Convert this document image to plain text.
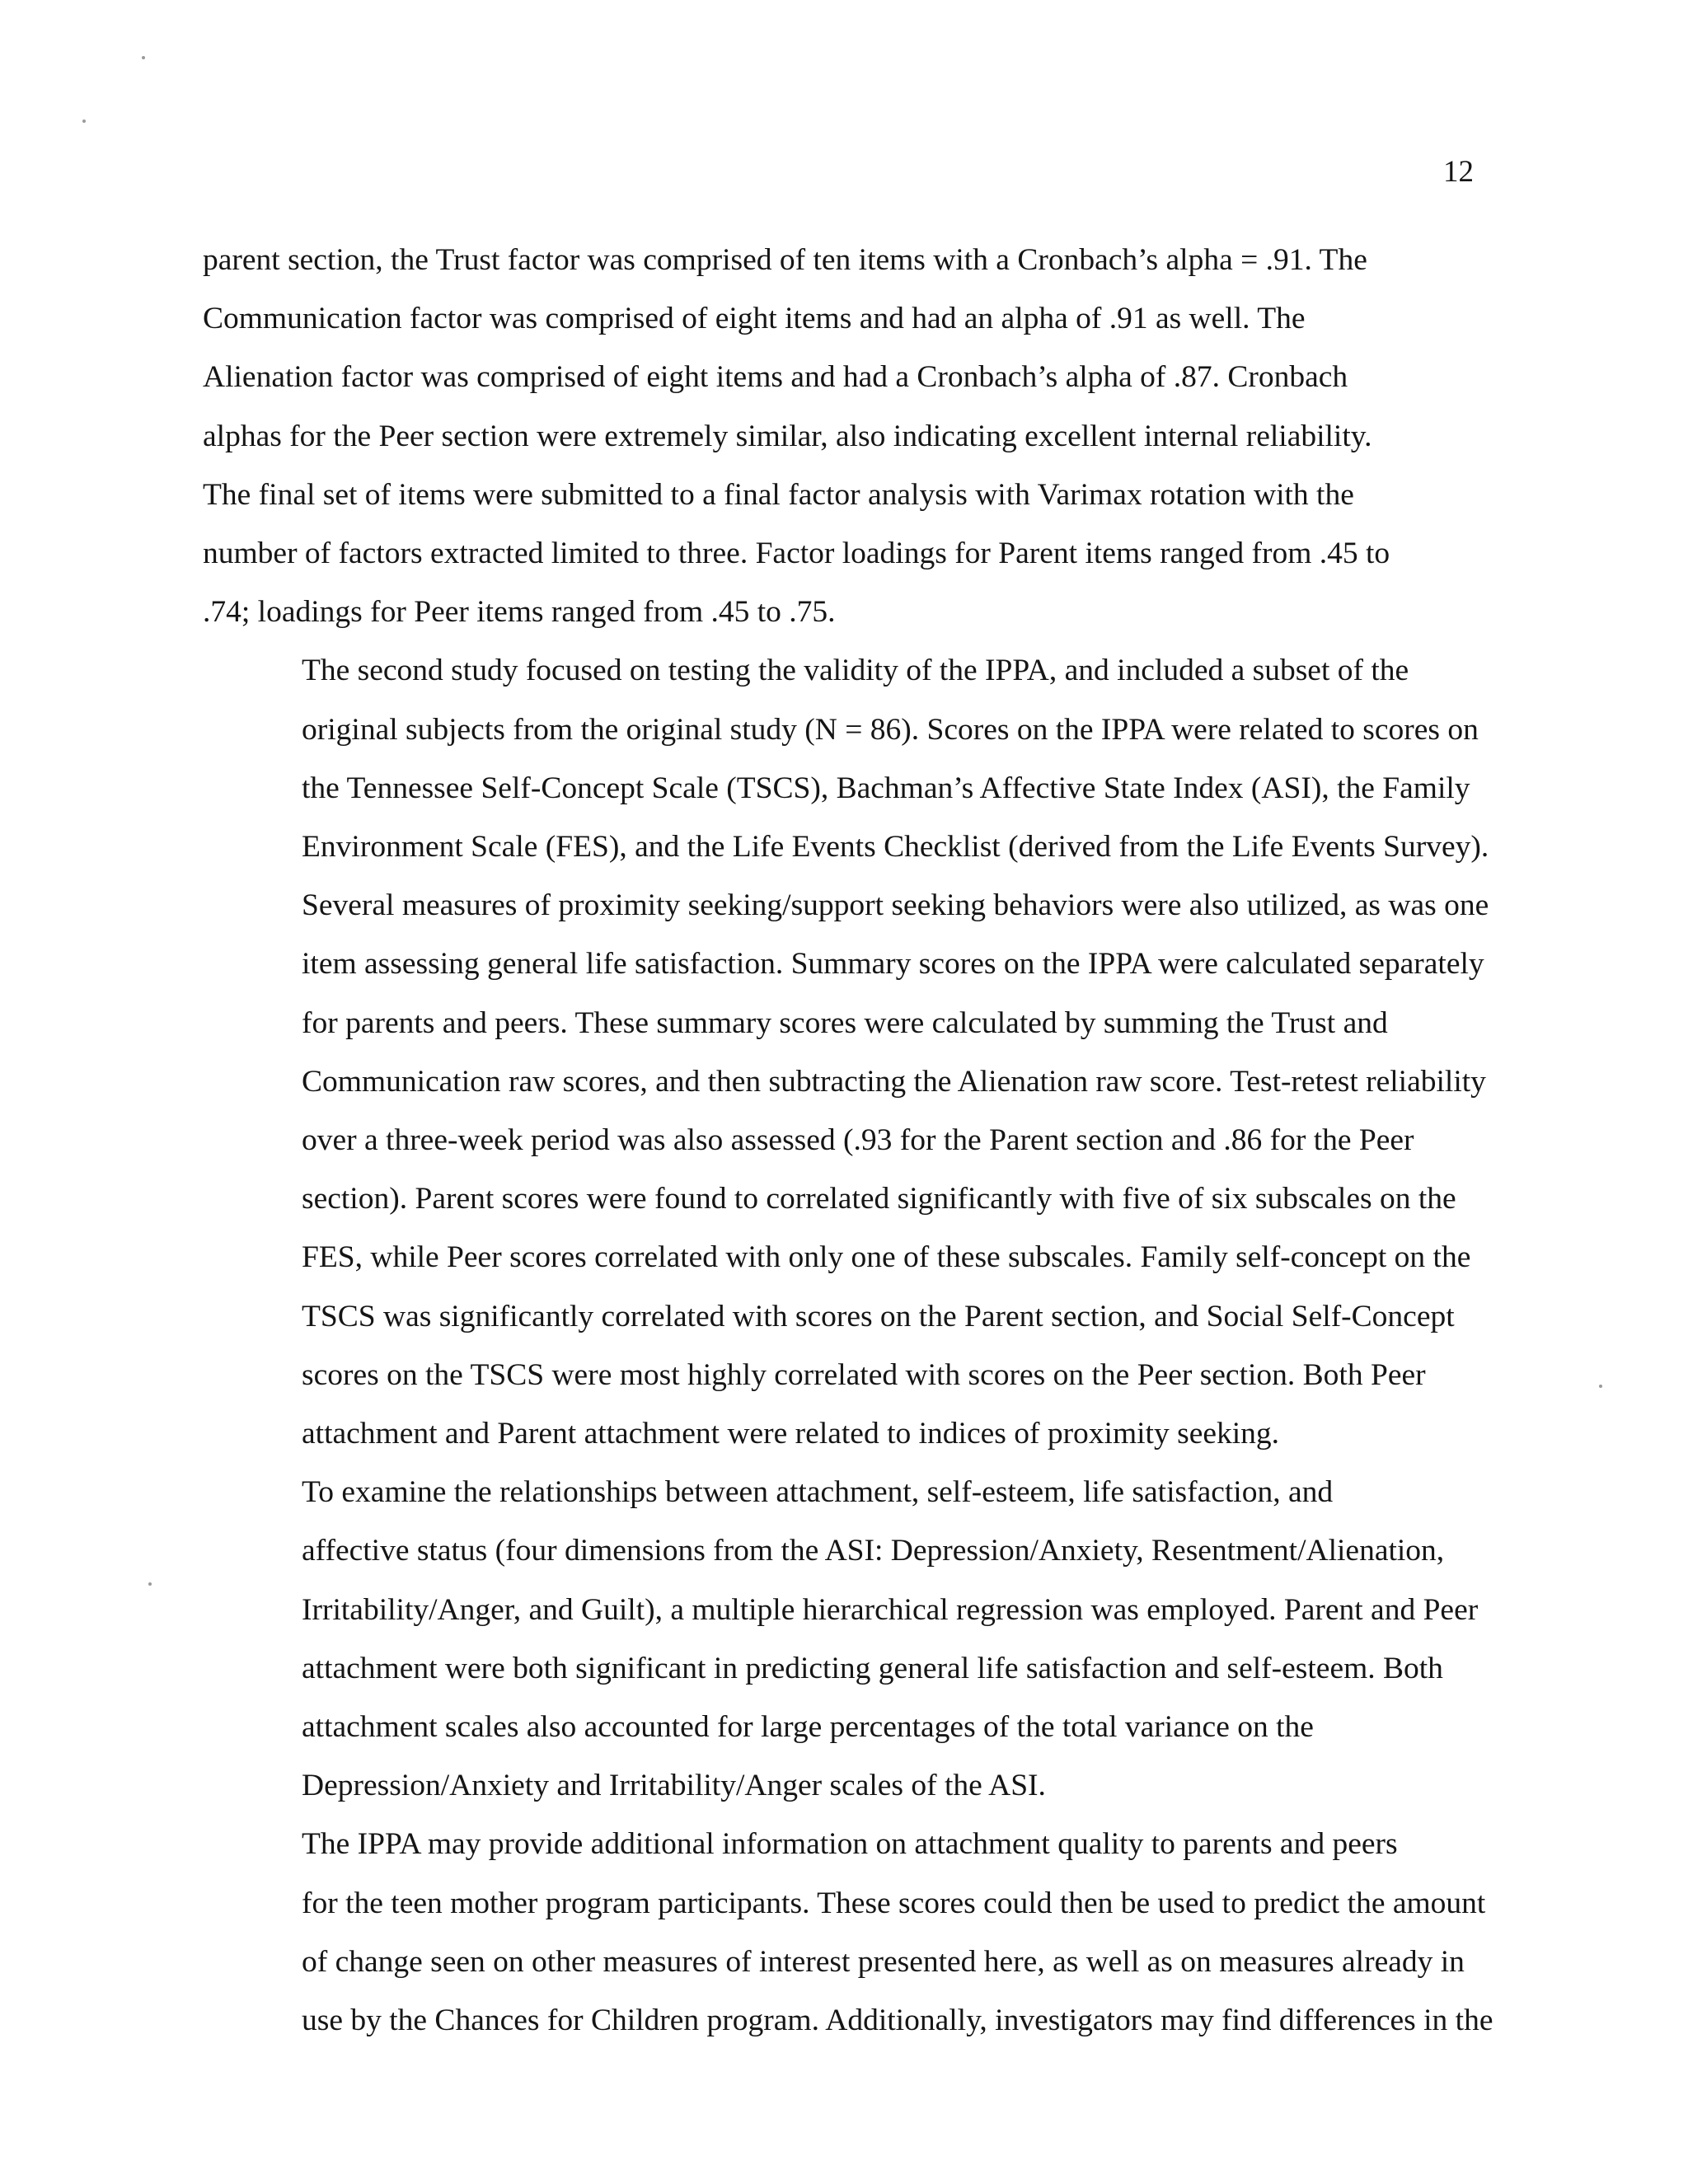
12

parent section, the Trust factor was comprised of ten items with a Cronbach’s alpha = .91. The
Communication factor was comprised of eight items and had an alpha of .91 as well. The
Alienation factor was comprised of eight items and had a Cronbach’s alpha of .87. Cronbach
alphas for the Peer section were extremely similar, also indicating excellent internal reliability.
The final set of items were submitted to a final factor analysis with Varimax rotation with the
number of factors extracted limited to three. Factor loadings for Parent items ranged from .45 to
.74; loadings for Peer items ranged from .45 to .75.

The second study focused on testing the validity of the IPPA, and included a subset of the
original subjects from the original study (N = 86). Scores on the IPPA were related to scores on
the Tennessee Self-Concept Scale (TSCS), Bachman’s Affective State Index (ASI), the Family
Environment Scale (FES), and the Life Events Checklist (derived from the Life Events Survey).
Several measures of proximity seeking/support seeking behaviors were also utilized, as was one
item assessing general life satisfaction. Summary scores on the IPPA were calculated separately
for parents and peers. These summary scores were calculated by summing the Trust and
Communication raw scores, and then subtracting the Alienation raw score. Test-retest reliability
over a three-week period was also assessed (.93 for the Parent section and .86 for the Peer
section). Parent scores were found to correlated significantly with five of six subscales on the
FES, while Peer scores correlated with only one of these subscales. Family self-concept on the
TSCS was significantly correlated with scores on the Parent section, and Social Self-Concept
scores on the TSCS were most highly correlated with scores on the Peer section. Both Peer
attachment and Parent attachment were related to indices of proximity seeking.

To examine the relationships between attachment, self-esteem, life satisfaction, and
affective status (four dimensions from the ASI: Depression/Anxiety, Resentment/Alienation,
Irritability/Anger, and Guilt), a multiple hierarchical regression was employed. Parent and Peer
attachment were both significant in predicting general life satisfaction and self-esteem. Both
attachment scales also accounted for large percentages of the total variance on the
Depression/Anxiety and Irritability/Anger scales of the ASI.

The IPPA may provide additional information on attachment quality to parents and peers
for the teen mother program participants. These scores could then be used to predict the amount
of change seen on other measures of interest presented here, as well as on measures already in
use by the Chances for Children program. Additionally, investigators may find differences in the
